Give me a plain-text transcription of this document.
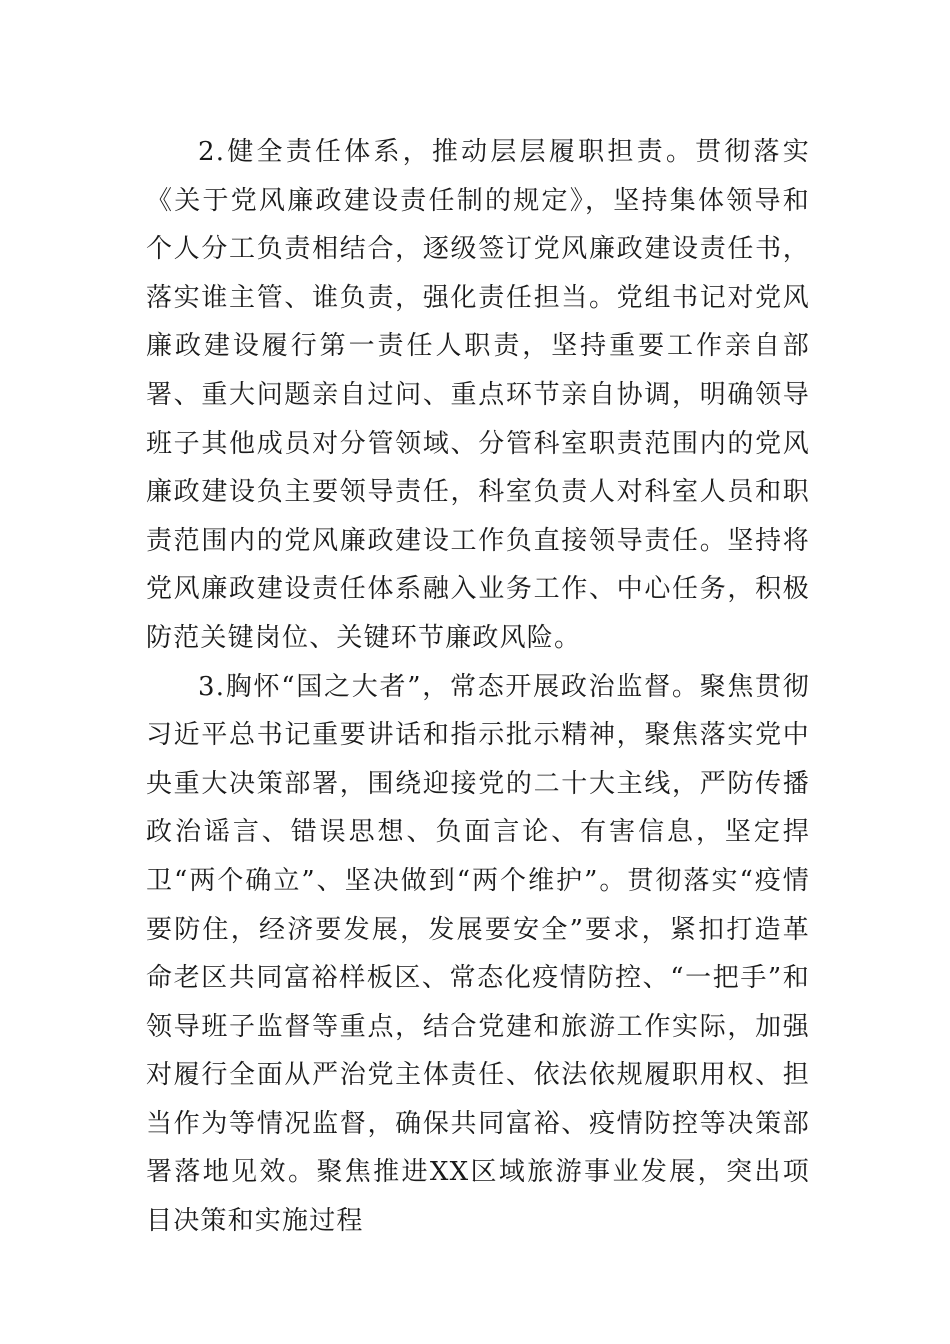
2.健全责任体系，推动层层履职担责。贯彻落实《关于党风廉政建设责任制的规定》，坚持集体领导和个人分工负责相结合，逐级签订党风廉政建设责任书，落实谁主管、谁负责，强化责任担当。党组书记对党风廉政建设履行第一责任人职责，坚持重要工作亲自部署、重大问题亲自过问、重点环节亲自协调，明确领导班子其他成员对分管领域、分管科室职责范围内的党风廉政建设负主要领导责任，科室负责人对科室人员和职责范围内的党风廉政建设工作负直接领导责任。坚持将党风廉政建设责任体系融入业务工作、中心任务，积极防范关键岗位、关键环节廉政风险。

3.胸怀“国之大者”，常态开展政治监督。聚焦贯彻习近平总书记重要讲话和指示批示精神，聚焦落实党中央重大决策部署，围绕迎接党的二十大主线，严防传播政治谣言、错误思想、负面言论、有害信息，坚定捍卫“两个确立”、坚决做到“两个维护”。贯彻落实“疫情要防住，经济要发展，发展要安全”要求，紧扣打造革命老区共同富裕样板区、常态化疫情防控、“一把手”和领导班子监督等重点，结合党建和旅游工作实际，加强对履行全面从严治党主体责任、依法依规履职用权、担当作为等情况监督，确保共同富裕、疫情防控等决策部署落地见效。聚焦推进XX区域旅游事业发展，突出项目决策和实施过程
